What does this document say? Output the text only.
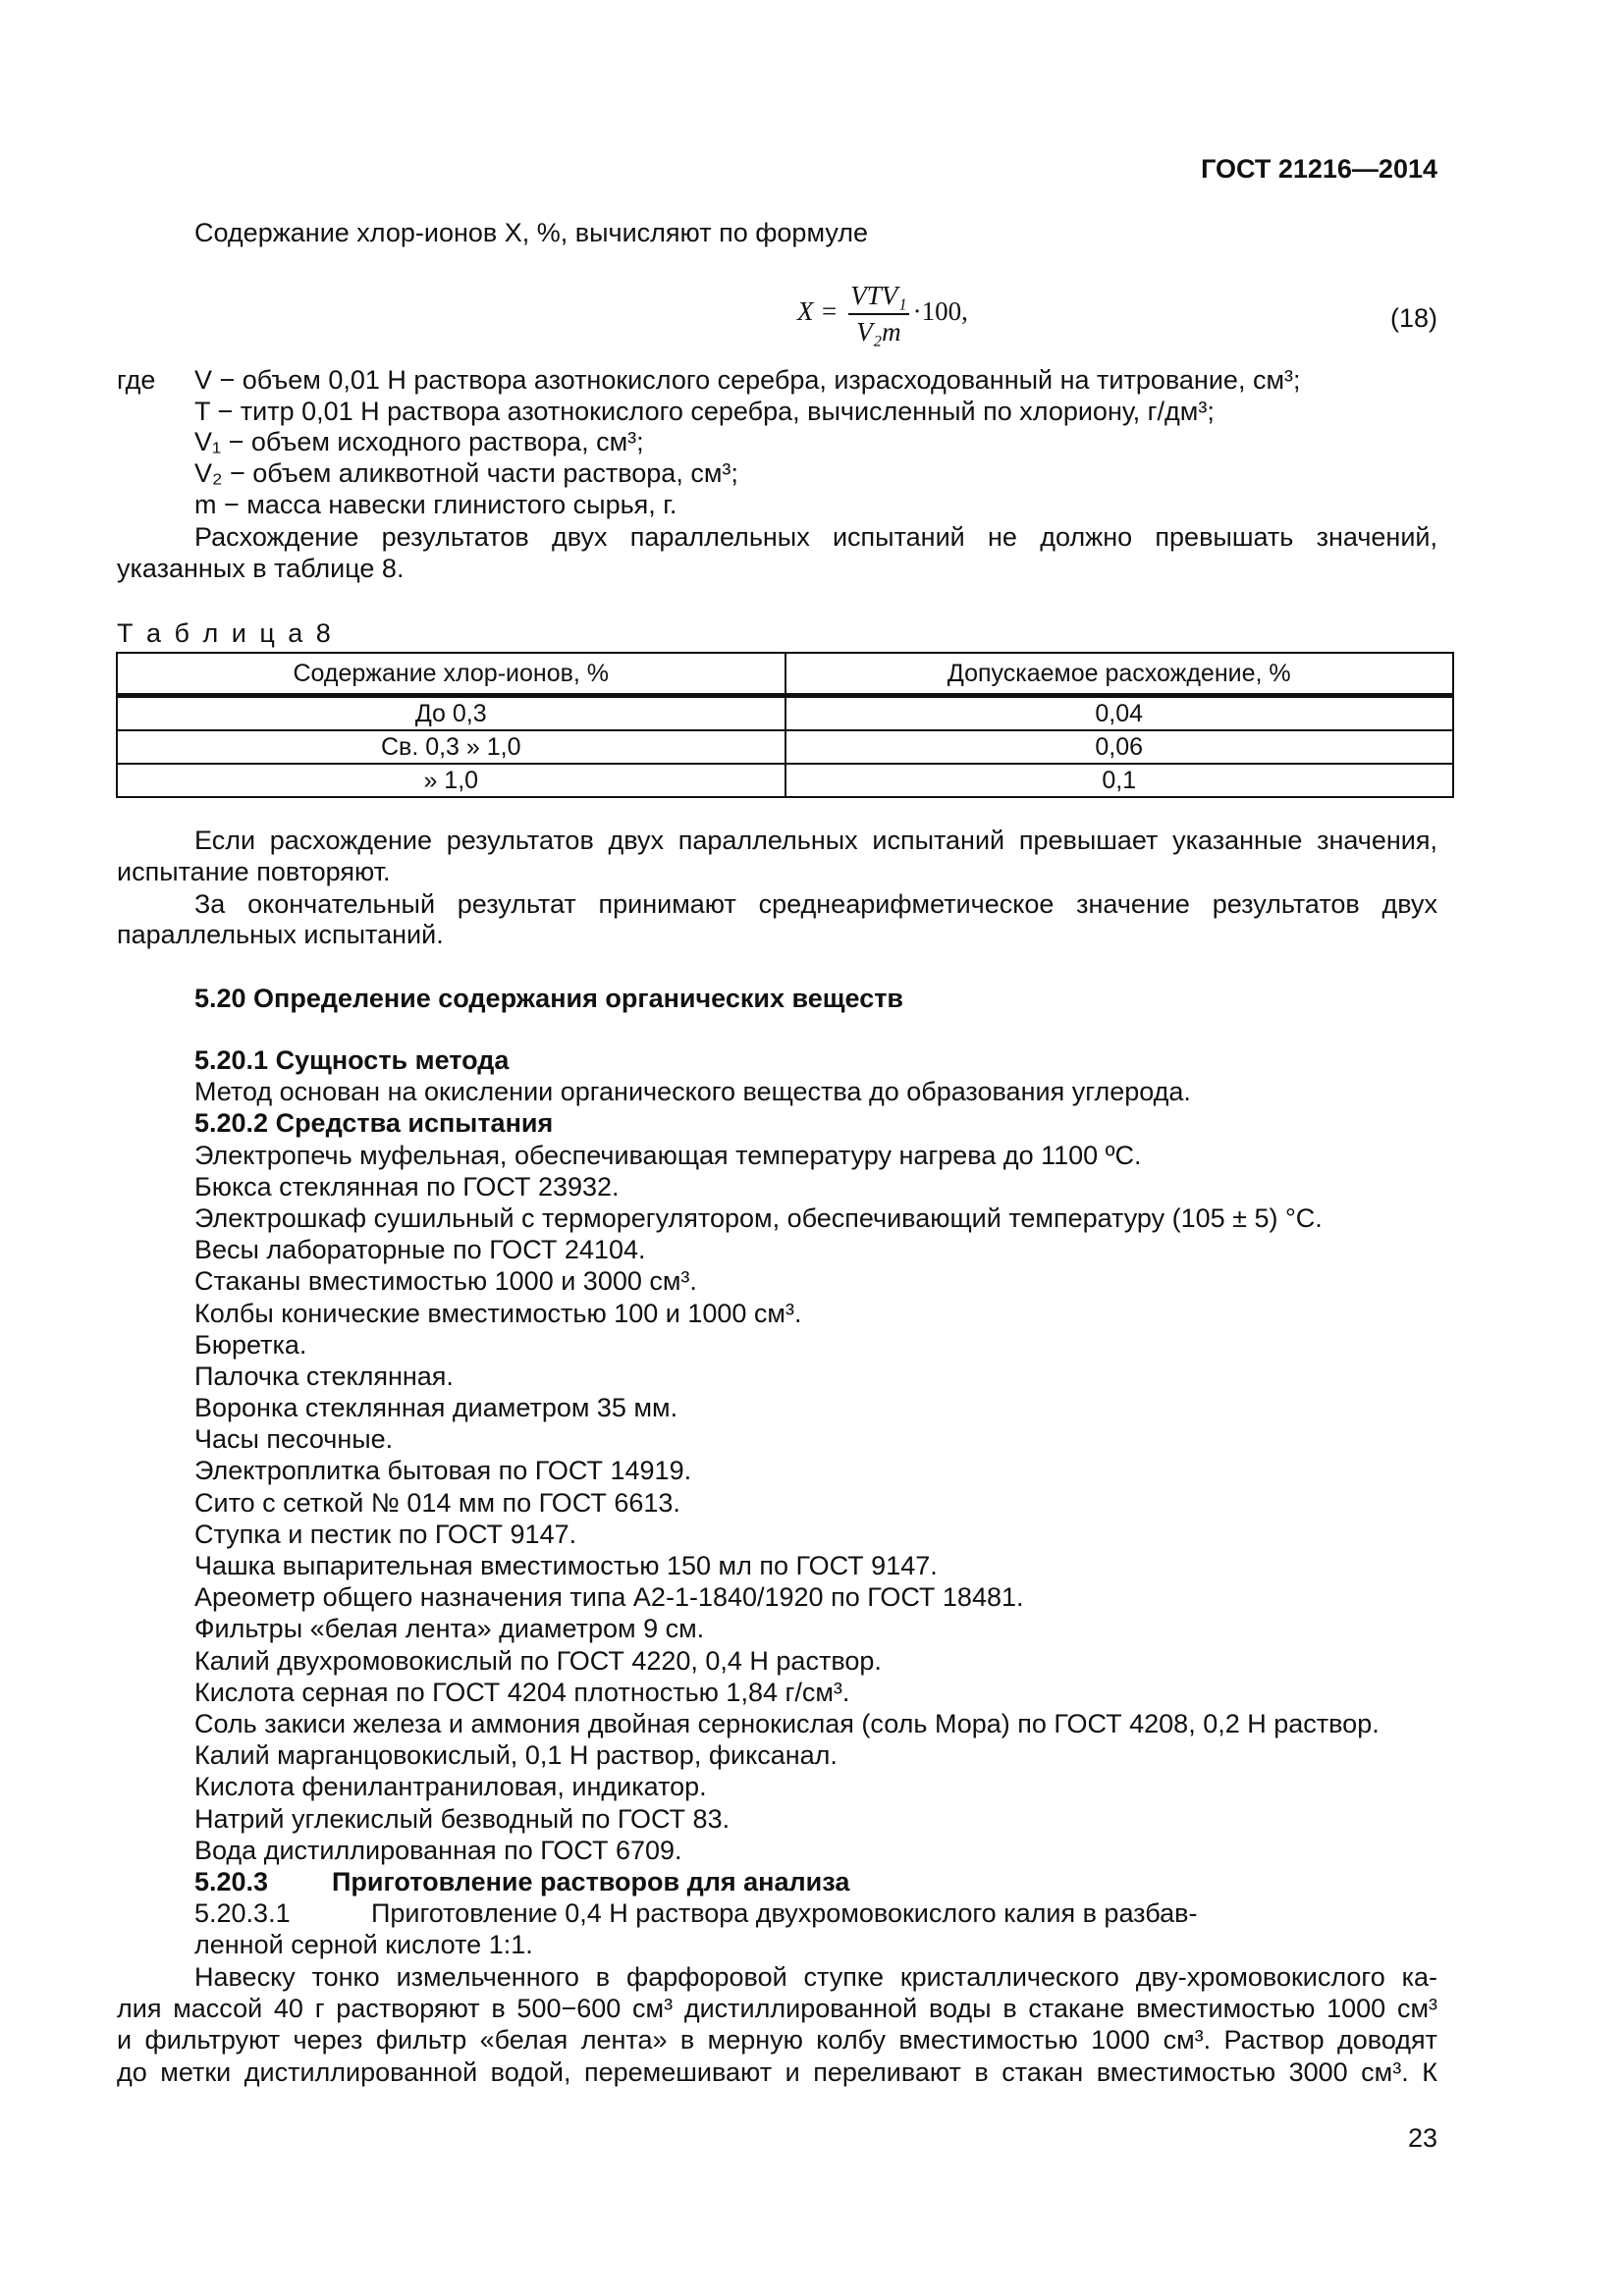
ГОСТ 21216—2014
Содержание хлор-ионов X, %, вычисляют по формуле
$X = \frac{\text{VTV₁}}{\text{V₂m}} \cdot 100$,	(18)
где V − объем 0,01 Н раствора азотнокислого серебра, израсходованный на титрование, см³;
T − титр 0,01 Н раствора азотнокислого серебра, вычисленный по хлориону, г/дм³;
V₁ − объем исходного раствора, см³;
V₂ − объем аликвотной части раствора, см³;
m − масса навески глинистого сырья, г.
Расхождение результатов двух параллельных испытаний не должно превышать значений,
указанных в таблице 8.
Т а б л и ц а 8
Содержание хлор-ионов, %	Допускаемое расхождение, %
До 0,3	0,04
Св. 0,3 » 1,0	0,06
» 1,0	0,1
Если расхождение результатов двух параллельных испытаний превышает указанные значения,
испытание повторяют.
За окончательный результат принимают среднеарифметическое значение результатов двух
параллельных испытаний.
5.20 Определение содержания органических веществ
5.20.1 Сущность метода
Метод основан на окислении органического вещества до образования углерода.
5.20.2 Средства испытания
Электропечь муфельная, обеспечивающая температуру нагрева до 1100 ºС.
Бюкса стеклянная по ГОСТ 23932.
Электрошкаф сушильный с терморегулятором, обеспечивающий температуру (105 ± 5) °С.
Весы лабораторные по ГОСТ 24104.
Стаканы вместимостью 1000 и 3000 см³.
Колбы конические вместимостью 100 и 1000 см³.
Бюретка.
Палочка стеклянная.
Воронка стеклянная диаметром 35 мм.
Часы песочные.
Электроплитка бытовая по ГОСТ 14919.
Сито с сеткой № 014 мм по ГОСТ 6613.
Ступка и пестик по ГОСТ 9147.
Чашка выпарительная вместимостью 150 мл по ГОСТ 9147.
Ареометр общего назначения типа А2-1-1840/1920 по ГОСТ 18481.
Фильтры «белая лента» диаметром 9 см.
Калий двухромовокислый по ГОСТ 4220, 0,4 Н раствор.
Кислота серная по ГОСТ 4204 плотностью 1,84 г/см³.
Соль закиси железа и аммония двойная сернокислая (соль Мора) по ГОСТ 4208, 0,2 Н раствор.
Калий марганцовокислый, 0,1 Н раствор, фиксанал.
Кислота фенилантраниловая, индикатор.
Натрий углекислый безводный по ГОСТ 83.
Вода дистиллированная по ГОСТ 6709.
5.20.3 Приготовление растворов для анализа
5.20.3.1	Приготовление 0,4 Н раствора двухромовокислого калия в разбав-
ленной серной кислоте 1:1.
Навеску тонко измельченного в фарфоровой ступке кристаллического дву-хромовокислого ка-
лия массой 40 г растворяют в 500−600 см³ дистиллированной воды в стакане вместимостью 1000 см³
и фильтруют через фильтр «белая лента» в мерную колбу вместимостью 1000 см³. Раствор доводят
до метки дистиллированной водой, перемешивают и переливают в стакан вместимостью 3000 см³. К
23
